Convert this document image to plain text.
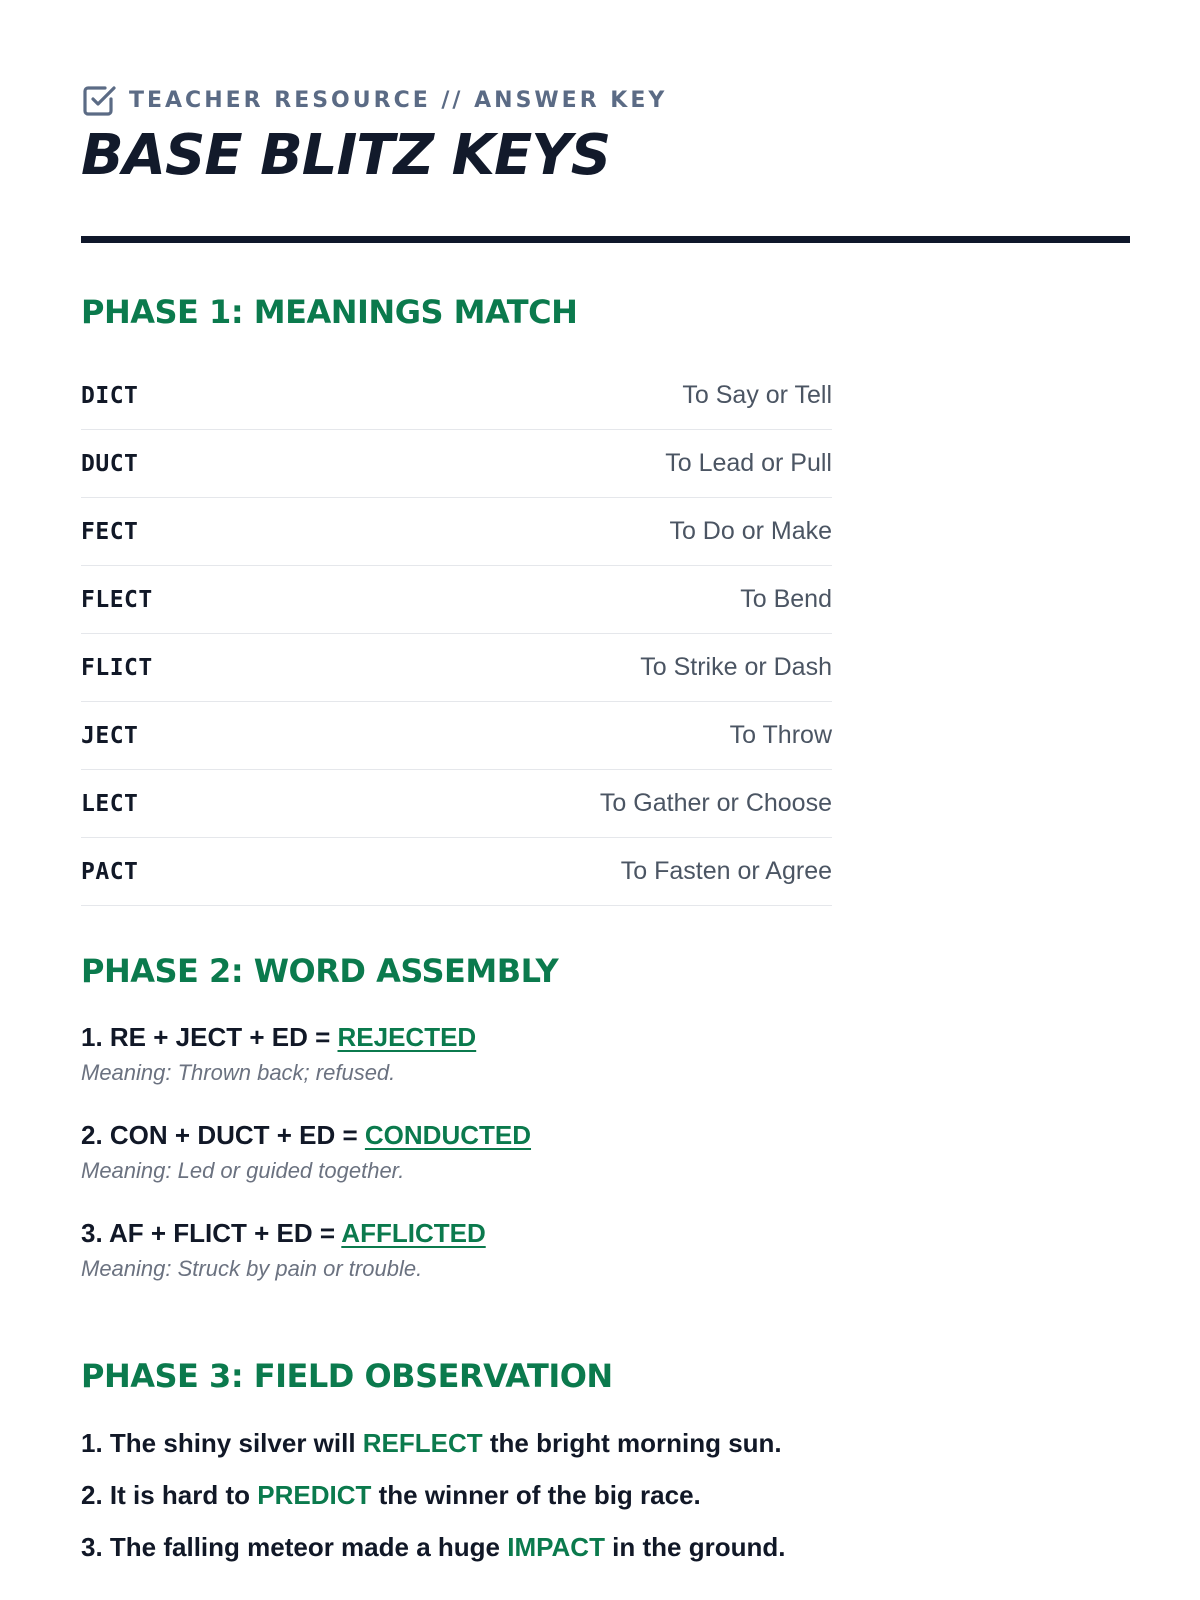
TEACHER RESOURCE // ANSWER KEY
BASE BLITZ KEYS
PHASE 1: MEANINGS MATCH
DICT	To Say or Tell
DUCT	To Lead or Pull
FECT	To Do or Make
FLECT	To Bend
FLICT	To Strike or Dash
JECT	To Throw
LECT	To Gather or Choose
PACT	To Fasten or Agree
PHASE 2: WORD ASSEMBLY
1. RE + JECT + ED = REJECTED
Meaning: Thrown back; refused.
2. CON + DUCT + ED = CONDUCTED
Meaning: Led or guided together.
3. AF + FLICT + ED = AFFLICTED
Meaning: Struck by pain or trouble.
PHASE 3: FIELD OBSERVATION
1. The shiny silver will REFLECT the bright morning sun.
2. It is hard to PREDICT the winner of the big race.
3. The falling meteor made a huge IMPACT in the ground.
